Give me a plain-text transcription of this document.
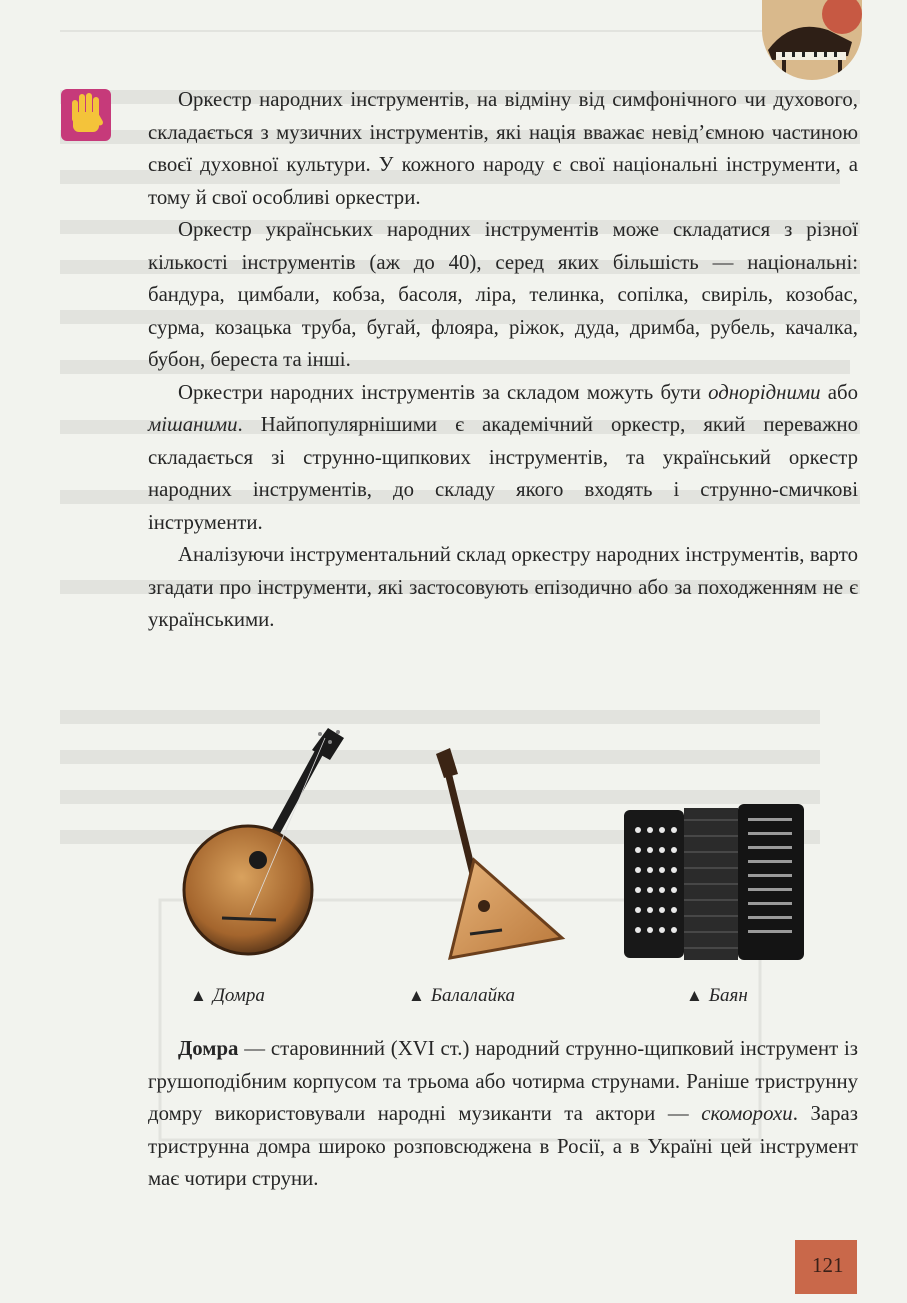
Оркестр народних інструментів, на відміну від симфонічного чи духового, складається з музичних інструментів, які нація вважає невід’ємною частиною своєї духовної культури. У кожного народу є свої національні інструменти, а тому й свої особливі оркестри.

Оркестр українських народних інструментів може складатися з різної кількості інструментів (аж до 40), серед яких більшість — національні: бандура, цимбали, кобза, басоля, ліра, телинка, сопілка, свиріль, козобас, сурма, козацька труба, бугай, флояра, ріжок, дуда, дримба, рубель, качалка, бубон, береста та інші.

Оркестри народних інструментів за складом можуть бути однорідними або мішаними. Найпопулярнішими є академічний оркестр, який переважно складається зі струнно-щипкових інструментів, та український оркестр народних інструментів, до складу якого входять і струнно-смичкові інструменти.

Аналізуючи інструментальний склад оркестру народних інструментів, варто згадати про інструменти, які застосовують епізодично або за походженням не є українськими.

▲ Домра	▲ Балалайка	▲ Баян

Домра — старовинний (XVI ст.) народний струнно-щипковий інструмент із грушоподібним корпусом та трьома або чотирма струнами. Раніше триструнну домру використовували народні музиканти та актори — скоморохи. Зараз триструнна домра широко розповсюджена в Росії, а в Україні цей інструмент має чотири струни.

121
